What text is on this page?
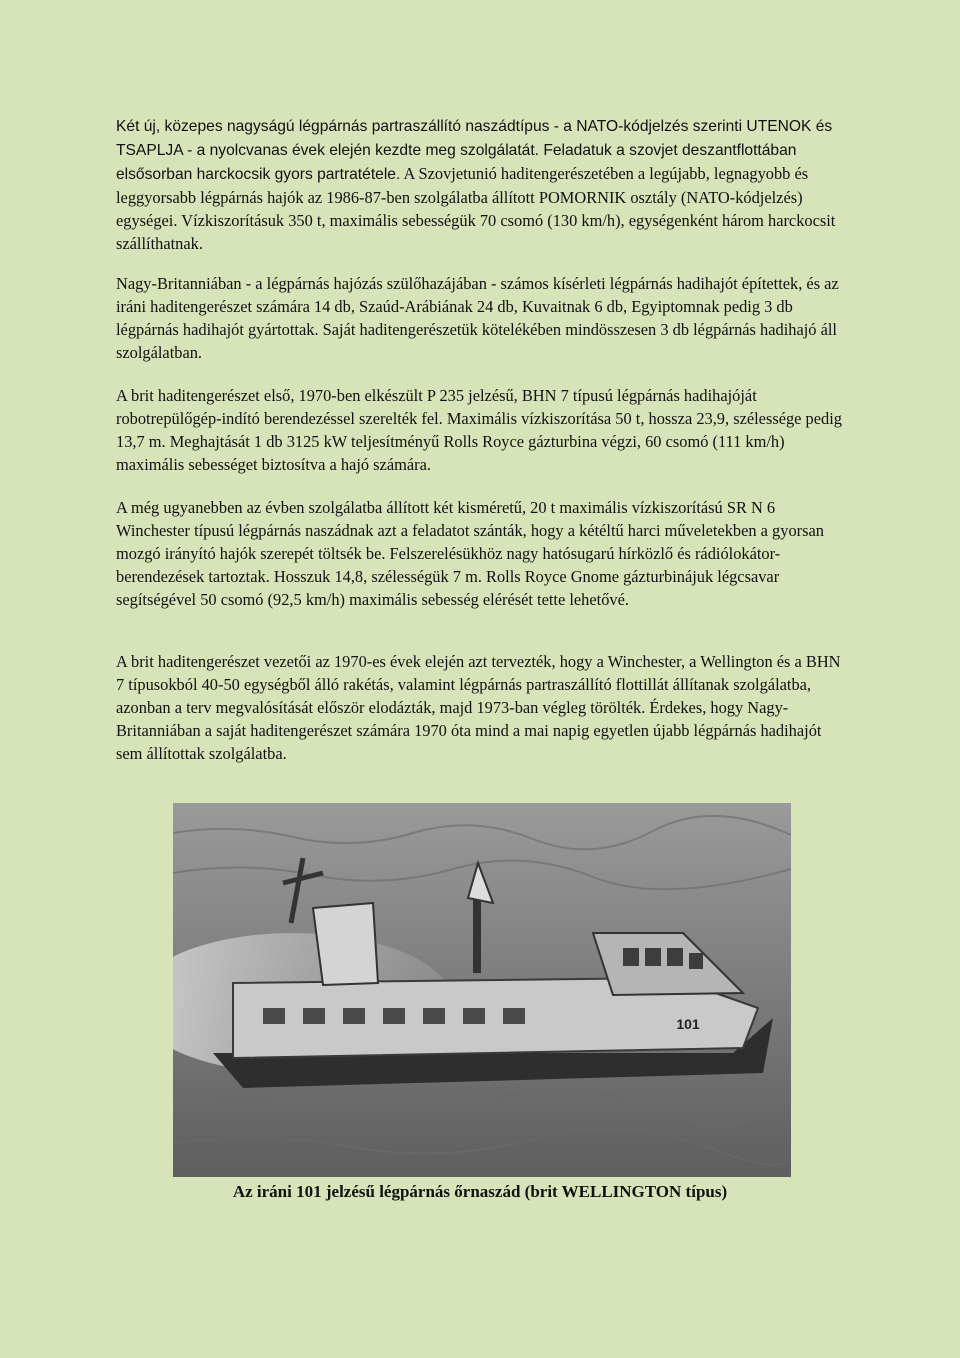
Két új, közepes nagyságú légpárnás partraszállító naszádtípus - a NATO-kódjelzés szerinti UTENOK és TSAPLJA - a nyolcvanas évek elején kezdte meg szolgálatát. Feladatuk a szovjet deszantflottában elsősorban harckocsik gyors partratétele. A Szovjetunió haditengerészetében a legújabb, legnagyobb és leggyorsabb légpárnás hajók az 1986-87-ben szolgálatba állított POMORNIK osztály (NATO-kódjelzés) egységei. Vízkiszorításuk 350 t, maximális sebességük 70 csomó (130 km/h), egységenként három harckocsit szállíthatnak.

Nagy-Britanniában - a légpárnás hajózás szülőhazájában - számos kísérleti légpárnás hadihajót építettek, és az iráni haditengerészet számára 14 db, Szaúd-Arábiának 24 db, Kuvaitnak 6 db, Egyiptomnak pedig 3 db légpárnás hadihajót gyártottak. Saját haditengerészetük kötelékében mindösszesen 3 db légpárnás hadihajó áll szolgálatban.

A brit haditengerészet első, 1970-ben elkészült P 235 jelzésű, BHN 7 típusú légpárnás hadihajóját robotrepülőgép-indító berendezéssel szerelték fel. Maximális vízkiszorítása 50 t, hossza 23,9, szélessége pedig 13,7 m. Meghajtását 1 db 3125 kW teljesítményű Rolls Royce gázturbina végzi, 60 csomó (111 km/h) maximális sebességet biztosítva a hajó számára.

A még ugyanebben az évben szolgálatba állított két kisméretű, 20 t maximális vízkiszorítású SR N 6 Winchester típusú légpárnás naszádnak azt a feladatot szánták, hogy a kétéltű harci műveletekben a gyorsan mozgó irányító hajók szerepét töltsék be. Felszerelésükhöz nagy hatósugarú hírközlő és rádiólokátor-berendezések tartoztak. Hosszuk 14,8, szélességük 7 m. Rolls Royce Gnome gázturbinájuk légcsavar segítségével 50 csomó (92,5 km/h) maximális sebesség elérését tette lehetővé.

A brit haditengerészet vezetői az 1970-es évek elején azt tervezték, hogy a Winchester, a Wellington és a BHN 7 típusokból 40-50 egységből álló rakétás, valamint légpárnás partraszállító flottillát állítanak szolgálatba, azonban a terv megvalósítását először elodázták, majd 1973-ban végleg törölték. Érdekes, hogy Nagy-Britanniában a saját haditengerészet számára 1970 óta mind a mai napig egyetlen újabb légpárnás hadihajót sem állítottak szolgálatba.

101
Az iráni 101 jelzésű légpárnás őrnaszád (brit WELLINGTON típus)
